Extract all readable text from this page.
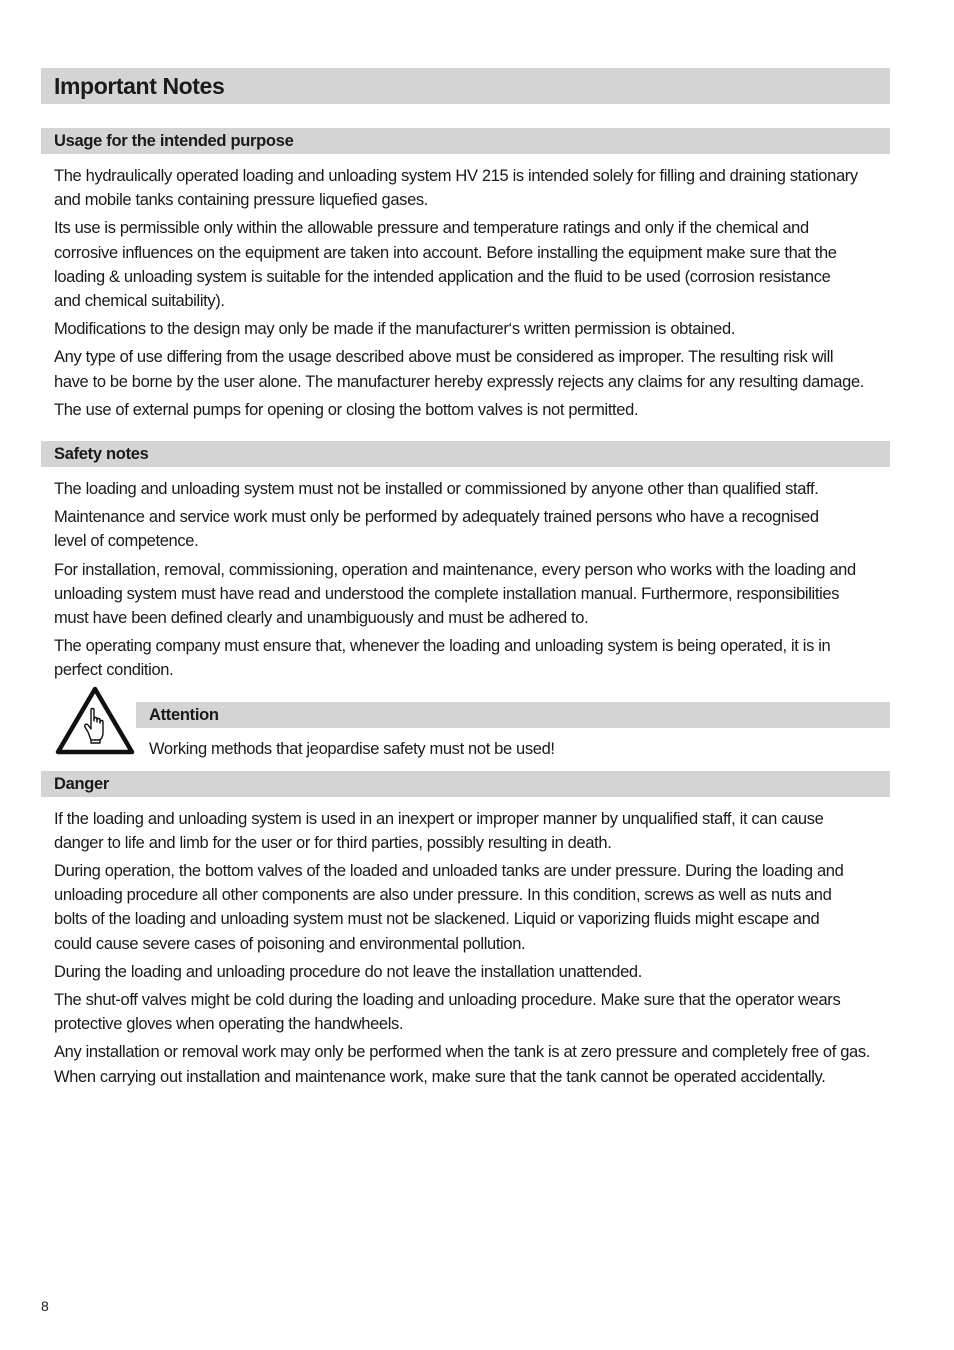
Important Notes
Usage for the intended purpose

The hydraulically operated loading and unloading system HV 215 is intended solely for filling and draining stationary
and mobile tanks containing pressure liquefied gases.

Its use is permissible only within the allowable pressure and temperature ratings and only if the chemical and
corrosive influences on the equipment are taken into account. Before installing the equipment make sure that the
loading & unloading system is suitable for the intended application and the fluid to be used (corrosion resistance
and chemical suitability).

Modifications to the design may only be made if the manufacturer‘s written permission is obtained.

Any type of use differing from the usage described above must be considered as improper. The resulting risk will
have to be borne by the user alone. The manufacturer hereby expressly rejects any claims for any resulting damage.

The use of external pumps for opening or closing the bottom valves is not permitted.

Safety notes

The loading and unloading system must not be installed or commissioned by anyone other than qualified staff.

Maintenance and service work must only be performed by adequately trained persons who have a recognised
level of competence.

For installation, removal, commissioning, operation and maintenance, every person who works with the loading and
unloading system must have read and understood the complete installation manual. Furthermore, responsibilities
must have been defined clearly and unambiguously and must be adhered to.

The operating company must ensure that, whenever the loading and unloading system is being operated, it is in
perfect condition.

Attention
Working methods that jeopardise safety must not be used!
Danger

If the loading and unloading system is used in an inexpert or improper manner by unqualified staff, it can cause
danger to life and limb for the user or for third parties, possibly resulting in death.

During operation, the bottom valves of the loaded and unloaded tanks are under pressure. During the loading and
unloading procedure all other components are also under pressure. In this condition, screws as well as nuts and
bolts of the loading and unloading system must not be slackened. Liquid or vaporizing fluids might escape and
could cause severe cases of poisoning and environmental pollution.

During the loading and unloading procedure do not leave the installation unattended.

The shut-off valves might be cold during the loading and unloading procedure. Make sure that the operator wears
protective gloves when operating the handwheels.

Any installation or removal work may only be performed when the tank is at zero pressure and completely free of gas.
When carrying out installation and maintenance work, make sure that the tank cannot be operated accidentally.

8
